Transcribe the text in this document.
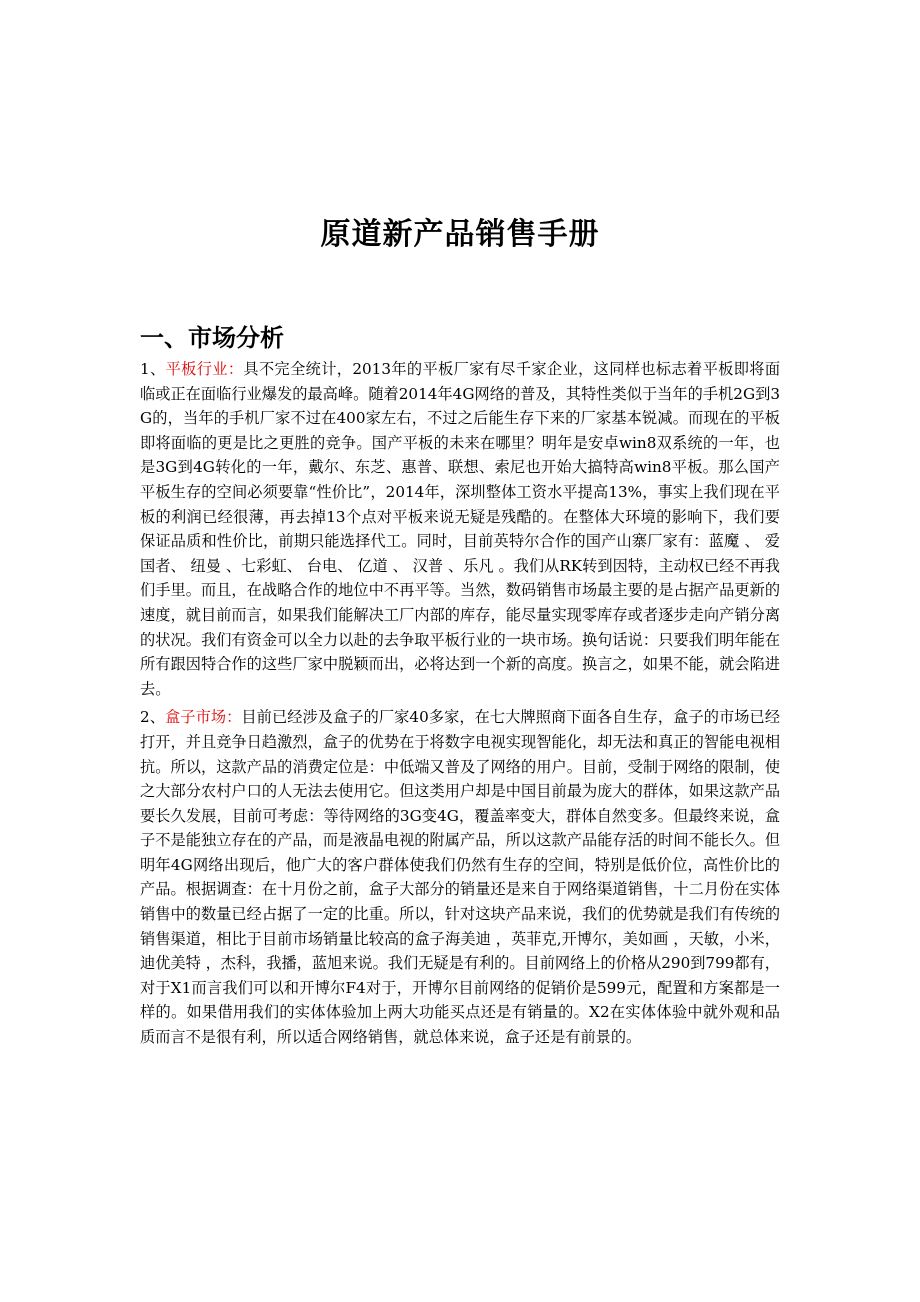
原道新产品销售手册
一、市场分析

1、平板行业：具不完全统计，2013年的平板厂家有尽千家企业，这同样也标志着平板即将面临或正在面临行业爆发的最高峰。随着2014年4G网络的普及，其特性类似于当年的手机2G到3G的，当年的手机厂家不过在400家左右，不过之后能生存下来的厂家基本锐减。而现在的平板即将面临的更是比之更胜的竞争。国产平板的未来在哪里？明年是安卓win8双系统的一年，也是3G到4G转化的一年，戴尔、东芝、惠普、联想、索尼也开始大搞特高win8平板。那么国产平板生存的空间必须要靠“性价比”，2014年，深圳整体工资水平提高13%，事实上我们现在平板的利润已经很薄，再去掉13个点对平板来说无疑是残酷的。在整体大环境的影响下，我们要保证品质和性价比，前期只能选择代工。同时，目前英特尔合作的国产山寨厂家有：蓝魔 、 爱国者、 纽曼 、七彩虹、 台电、 亿道 、 汉普 、乐凡 。我们从RK转到因特，主动权已经不再我们手里。而且，在战略合作的地位中不再平等。当然，数码销售市场最主要的是占据产品更新的速度，就目前而言，如果我们能解决工厂内部的库存，能尽量实现零库存或者逐步走向产销分离的状况。我们有资金可以全力以赴的去争取平板行业的一块市场。换句话说：只要我们明年能在所有跟因特合作的这些厂家中脱颖而出，必将达到一个新的高度。换言之，如果不能，就会陷进去。

2、盒子市场：目前已经涉及盒子的厂家40多家，在七大牌照商下面各自生存，盒子的市场已经打开，并且竞争日趋激烈，盒子的优势在于将数字电视实现智能化，却无法和真正的智能电视相抗。所以，这款产品的消费定位是：中低端又普及了网络的用户。目前，受制于网络的限制，使之大部分农村户口的人无法去使用它。但这类用户却是中国目前最为庞大的群体，如果这款产品要长久发展，目前可考虑：等待网络的3G变4G，覆盖率变大，群体自然变多。但最终来说，盒子不是能独立存在的产品，而是液晶电视的附属产品，所以这款产品能存活的时间不能长久。但明年4G网络出现后，他广大的客户群体使我们仍然有生存的空间，特别是低价位，高性价比的产品。根据调查：在十月份之前，盒子大部分的销量还是来自于网络渠道销售，十二月份在实体销售中的数量已经占据了一定的比重。所以，针对这块产品来说，我们的优势就是我们有传统的销售渠道，相比于目前市场销量比较高的盒子海美迪 ，英菲克,开博尔，美如画 ，天敏，小米，迪优美特 ，杰科，我播，蓝旭来说。我们无疑是有利的。目前网络上的价格从290到799都有，对于X1而言我们可以和开博尔F4对于，开博尔目前网络的促销价是599元，配置和方案都是一样的。如果借用我们的实体体验加上两大功能买点还是有销量的。X2在实体体验中就外观和品质而言不是很有利，所以适合网络销售，就总体来说，盒子还是有前景的。
